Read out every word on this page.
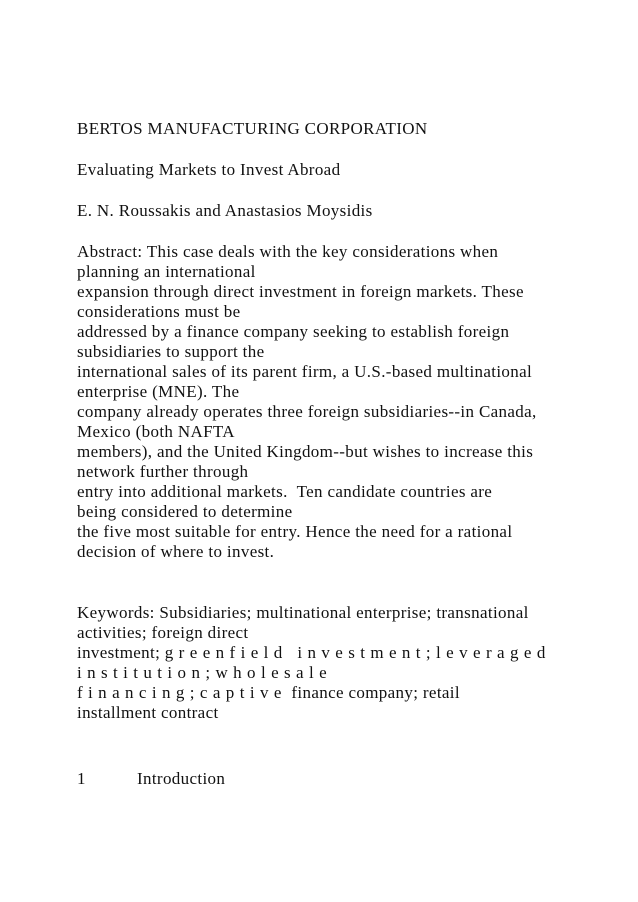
BERTOS MANUFACTURING CORPORATION
Evaluating Markets to Invest Abroad
E. N. Roussakis and Anastasios Moysidis
Abstract: This case deals with the key considerations when
planning an international
expansion through direct investment in foreign markets. These
considerations must be
addressed by a finance company seeking to establish foreign
subsidiaries to support the
international sales of its parent firm, a U.S.-based multinational
enterprise (MNE). The
company already operates three foreign subsidiaries--in Canada,
Mexico (both NAFTA
members), and the United Kingdom--but wishes to increase this
network further through
entry into additional markets.  Ten candidate countries are
being considered to determine
the five most suitable for entry. Hence the need for a rational
decision of where to invest.
Keywords: Subsidiaries; multinational enterprise; transnational
activities; foreign direct
investment; greenfield investment;leveraged
institution;wholesale
financing;captive finance company; retail
installment contract
1	Introduction
